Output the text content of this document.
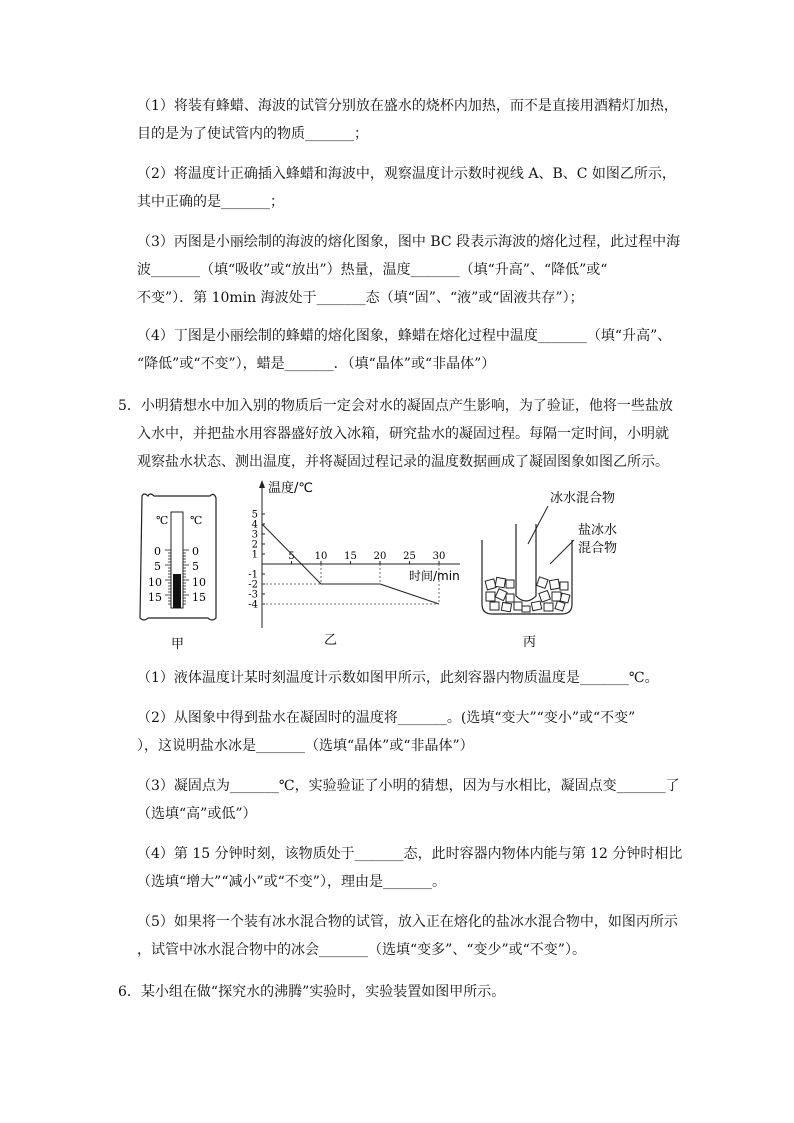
（1）将装有蜂蜡、海波的试管分别放在盛水的烧杯内加热，而不是直接用酒精灯加热，
目的是为了使试管内的物质_______；
（2）将温度计正确插入蜂蜡和海波中，观察温度计示数时视线 A、B、C 如图乙所示，
其中正确的是_______；
（3）丙图是小丽绘制的海波的熔化图象，图中 BC 段表示海波的熔化过程，此过程中海
波_______（填“吸收”或“放出”）热量，温度_______（填“升高”、“降低”或“
不变”）．第 10min 海波处于_______态（填“固”、“液”或“固液共存”）；
（4）丁图是小丽绘制的蜂蜡的熔化图象，蜂蜡在熔化过程中温度_______（填“升高”、
“降低”或“不变”），蜡是_______．（填“晶体”或“非晶体”）
5．小明猜想水中加入别的物质后一定会对水的凝固点产生影响，为了验证，他将一些盐放
入水中，并把盐水用容器盛好放入冰箱，研究盐水的凝固过程。每隔一定时间，小明就
观察盐水状态、测出温度，并将凝固过程记录的温度数据画成了凝固图象如图乙所示。
℃ ℃
0
5
10
15
0
5
10
15
甲
温度/℃
时间/min
5
4
3
2
1
-1
-2
-3
-4
5 10 15 20 25 30
乙
冰水混合物
盐冰水
混合物
丙
（1）液体温度计某时刻温度计示数如图甲所示，此刻容器内物质温度是_______℃。
（2）从图象中得到盐水在凝固时的温度将_______。(选填“变大”“变小”或“不变”
），这说明盐水冰是_______（选填“晶体”或“非晶体”）
（3）凝固点为_______℃，实验验证了小明的猜想，因为与水相比，凝固点变_______了
（选填“高”或低”）
（4）第 15 分钟时刻，该物质处于_______态，此时容器内物体内能与第 12 分钟时相比
（选填“增大”“减小”或“不变”），理由是_______。
（5）如果将一个装有冰水混合物的试管，放入正在熔化的盐冰水混合物中，如图丙所示
，试管中冰水混合物中的冰会_______（选填“变多”、“变少”或“不变”）。
6．某小组在做“探究水的沸腾”实验时，实验装置如图甲所示。
